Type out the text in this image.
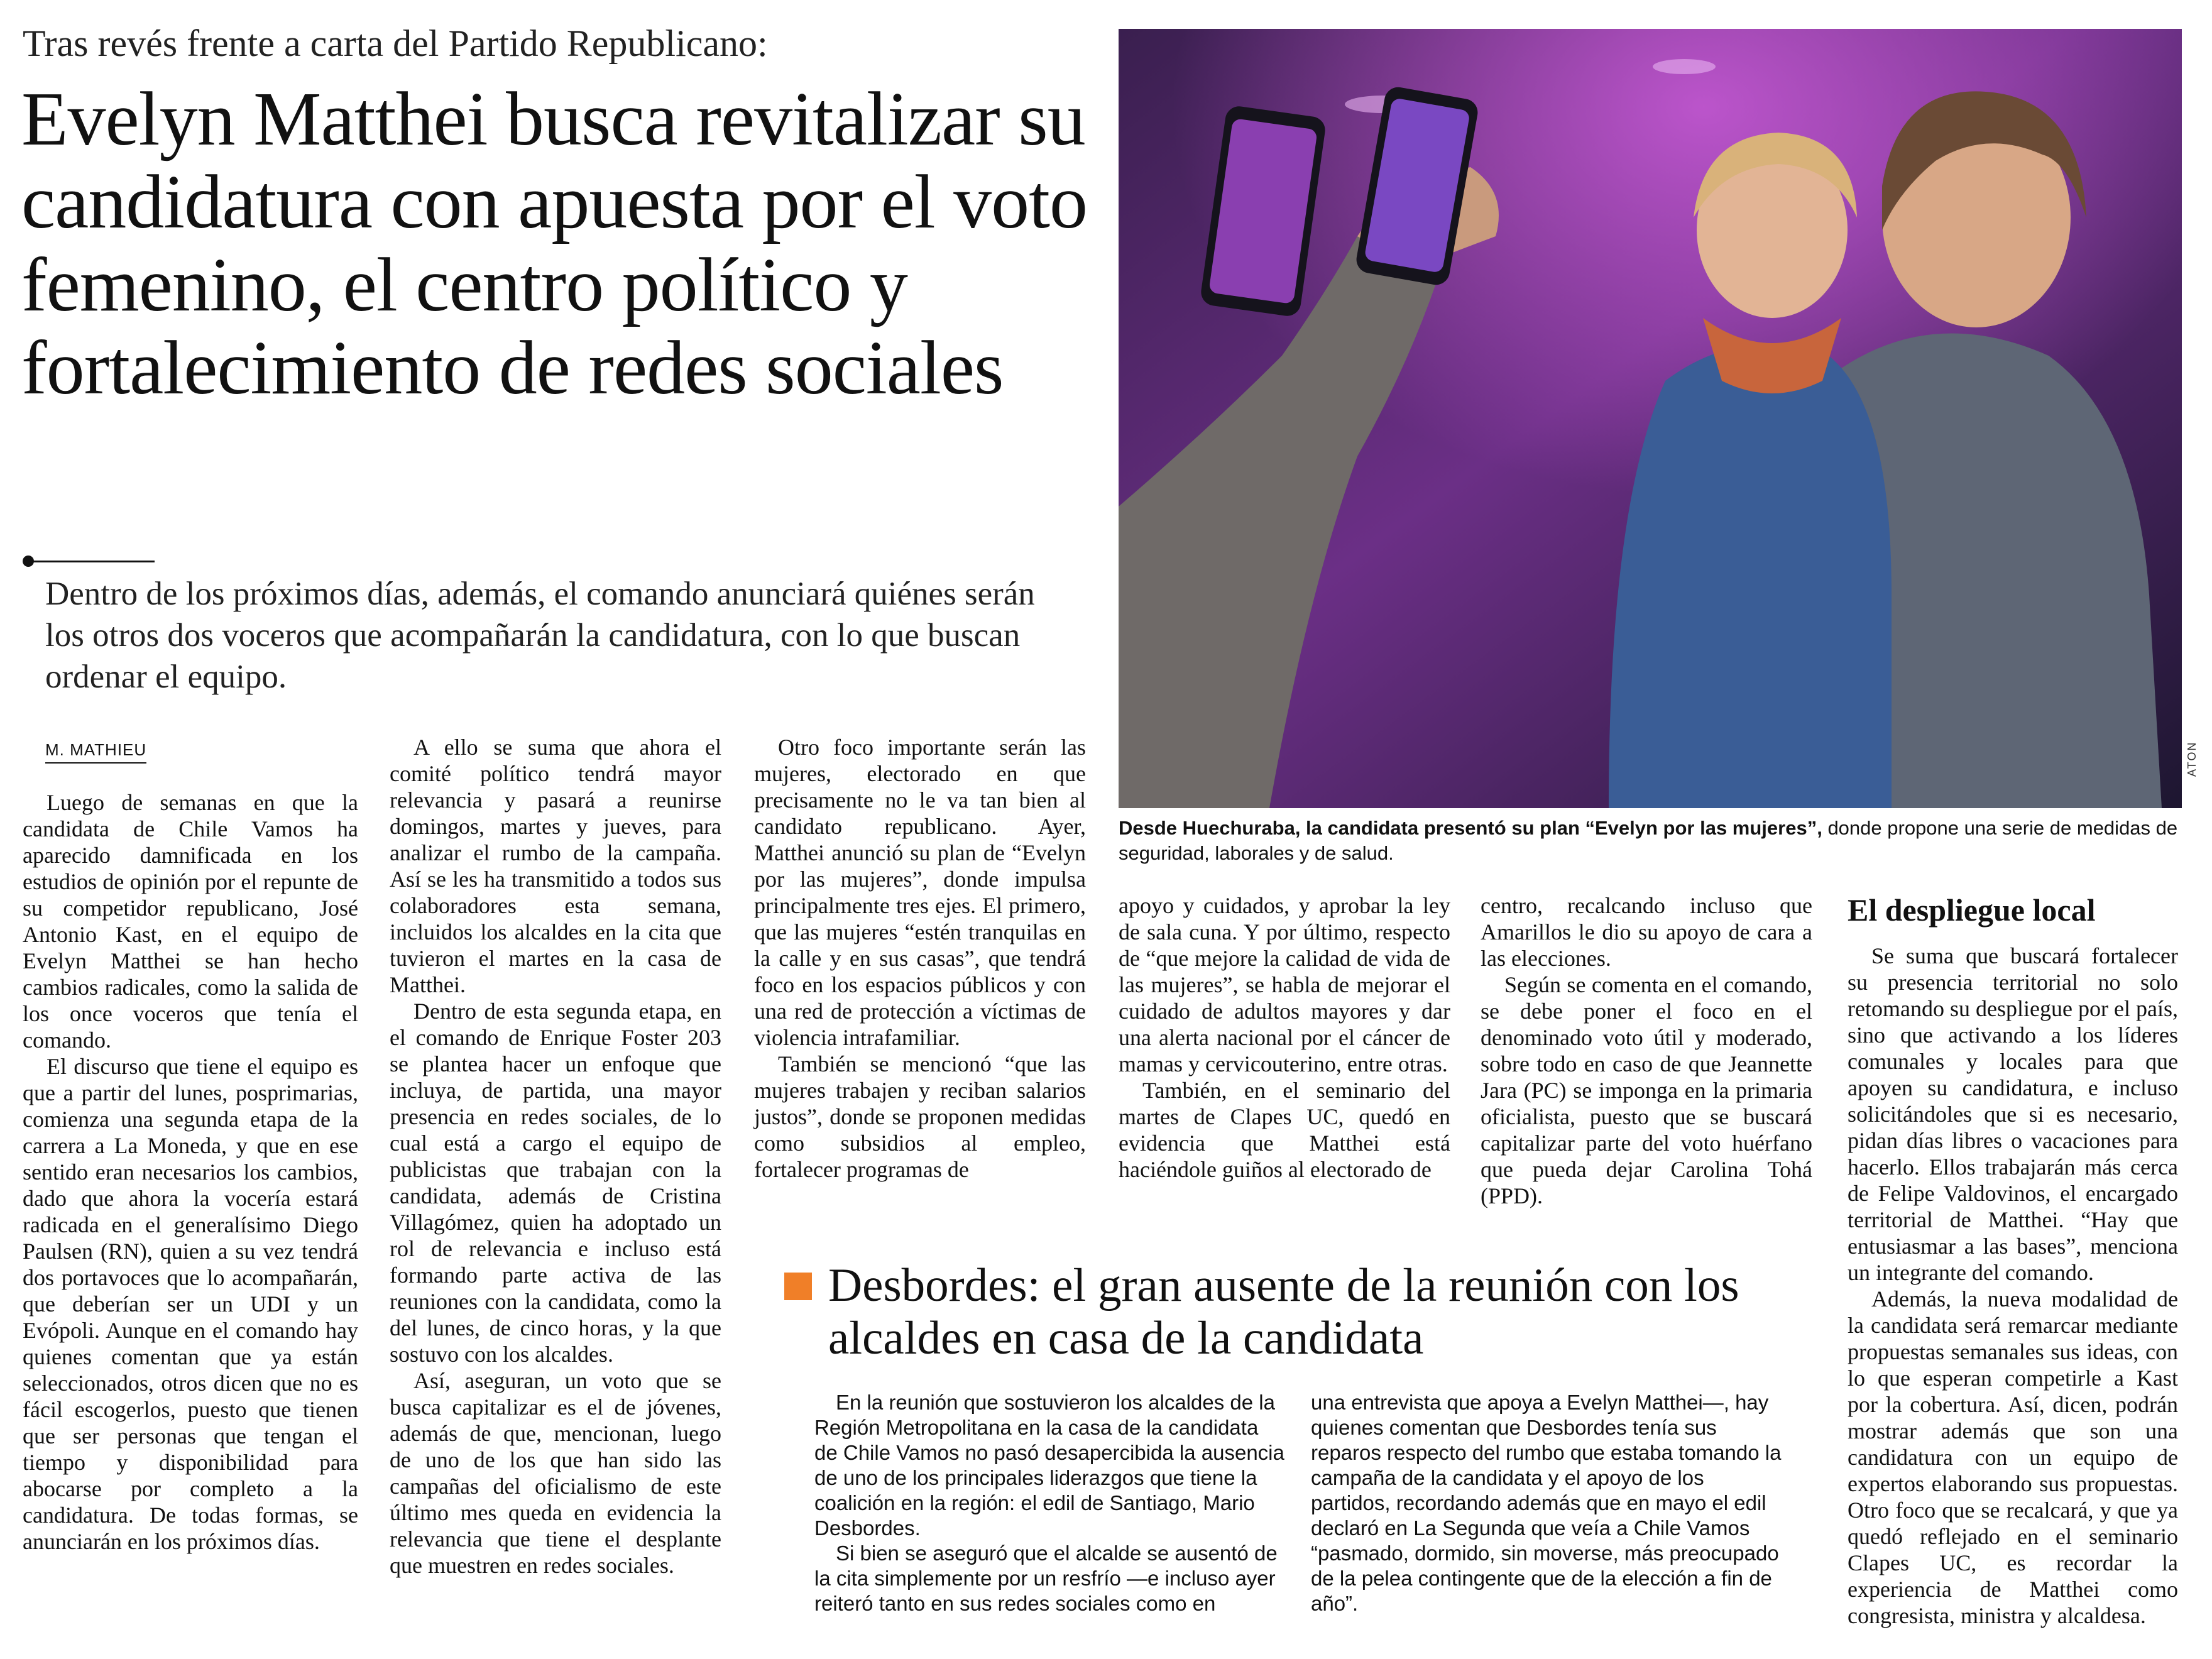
Tras revés frente a carta del Partido Republicano:
Evelyn Matthei busca revitalizar su candidatura con apuesta por el voto femenino, el centro político y fortalecimiento de redes sociales
Dentro de los próximos días, además, el comando anunciará quiénes serán los otros dos voceros que acompañarán la candidatura, con lo que buscan ordenar el equipo.
M. MATHIEU

Luego de semanas en que la candidata de Chile Vamos ha aparecido damnificada en los estudios de opinión por el repunte de su competidor republicano, José Antonio Kast, en el equipo de Evelyn Matthei se han hecho cambios radicales, como la salida de los once voceros que tenía el comando.

El discurso que tiene el equipo es que a partir del lunes, posprimarias, comienza una segunda etapa de la carrera a La Moneda, y que en ese sentido eran necesarios los cambios, dado que ahora la vocería estará radicada en el generalísimo Diego Paulsen (RN), quien a su vez tendrá dos portavoces que lo acompañarán, que deberían ser un UDI y un Evópoli. Aunque en el comando hay quienes comentan que ya están seleccionados, otros dicen que no es fácil escogerlos, puesto que tienen que ser personas que tengan el tiempo y disponibilidad para abocarse por completo a la candidatura. De todas formas, se anunciarán en los próximos días.

A ello se suma que ahora el comité político tendrá mayor relevancia y pasará a reunirse domingos, martes y jueves, para analizar el rumbo de la campaña. Así se les ha transmitido a todos sus colaboradores esta semana, incluidos los alcaldes en la cita que tuvieron el martes en la casa de Matthei.

Dentro de esta segunda etapa, en el comando de Enrique Foster 203 se plantea hacer un enfoque que incluya, de partida, una mayor presencia en redes sociales, de lo cual está a cargo el equipo de publicistas que trabajan con la candidata, además de Cristina Villagómez, quien ha adoptado un rol de relevancia e incluso está formando parte activa de las reuniones con la candidata, como la del lunes, de cinco horas, y la que sostuvo con los alcaldes.

Así, aseguran, un voto que se busca capitalizar es el de jóvenes, además de que, mencionan, luego de uno de los que han sido las campañas del oficialismo de este último mes queda en evidencia la relevancia que tiene el desplante que muestren en redes sociales.

Otro foco importante serán las mujeres, electorado en que precisamente no le va tan bien al candidato republicano. Ayer, Matthei anunció su plan de “Evelyn por las mujeres”, donde impulsa principalmente tres ejes. El primero, que las mujeres “estén tranquilas en la calle y en sus casas”, que tendrá foco en los espacios públicos y con una red de protección a víctimas de violencia intrafamiliar.

También se mencionó “que las mujeres trabajen y reciban salarios justos”, donde se proponen medidas como subsidios al empleo, fortalecer programas de

ATON
Desde Huechuraba, la candidata presentó su plan “Evelyn por las mujeres”, donde propone una serie de medidas de seguridad, laborales y de salud.

apoyo y cuidados, y aprobar la ley de sala cuna. Y por último, respecto de “que mejore la calidad de vida de las mujeres”, se habla de mejorar el cuidado de adultos mayores y dar una alerta nacional por el cáncer de mamas y cervicouterino, entre otras.

También, en el seminario del martes de Clapes UC, quedó en evidencia que Matthei está haciéndole guiños al electorado de

centro, recalcando incluso que Amarillos le dio su apoyo de cara a las elecciones.

Según se comenta en el comando, se debe poner el foco en el denominado voto útil y moderado, sobre todo en caso de que Jeannette Jara (PC) se imponga en la primaria oficialista, puesto que se buscará capitalizar parte del voto huérfano que pueda dejar Carolina Tohá (PPD).

El despliegue local

Se suma que buscará fortalecer su presencia territorial no solo retomando su despliegue por el país, sino que activando a los líderes comunales y locales para que apoyen su candidatura, e incluso solicitándoles que si es necesario, pidan días libres o vacaciones para hacerlo. Ellos trabajarán más cerca de Felipe Valdovinos, el encargado territorial de Matthei. “Hay que entusiasmar a las bases”, menciona un integrante del comando.

Además, la nueva modalidad de la candidata será remarcar mediante propuestas semanales sus ideas, con lo que esperan competirle a Kast por la cobertura. Así, dicen, podrán mostrar además que son una candidatura con un equipo de expertos elaborando sus propuestas. Otro foco que se recalcará, y que ya quedó reflejado en el seminario Clapes UC, es recordar la experiencia de Matthei como congresista, ministra y alcaldesa.

Desbordes: el gran ausente de la reunión con los alcaldes en casa de la candidata

En la reunión que sostuvieron los alcaldes de la Región Metropolitana en la casa de la candidata de Chile Vamos no pasó desapercibida la ausencia de uno de los principales liderazgos que tiene la coalición en la región: el edil de Santiago, Mario Desbordes.

Si bien se aseguró que el alcalde se ausentó de la cita simplemente por un resfrío —e incluso ayer reiteró tanto en sus redes sociales como en

una entrevista que apoya a Evelyn Matthei—, hay quienes comentan que Desbordes tenía sus reparos respecto del rumbo que estaba tomando la campaña de la candidata y el apoyo de los partidos, recordando además que en mayo el edil declaró en La Segunda que veía a Chile Vamos “pasmado, dormido, sin moverse, más preocupado de la pelea contingente que de la elección a fin de año”.
